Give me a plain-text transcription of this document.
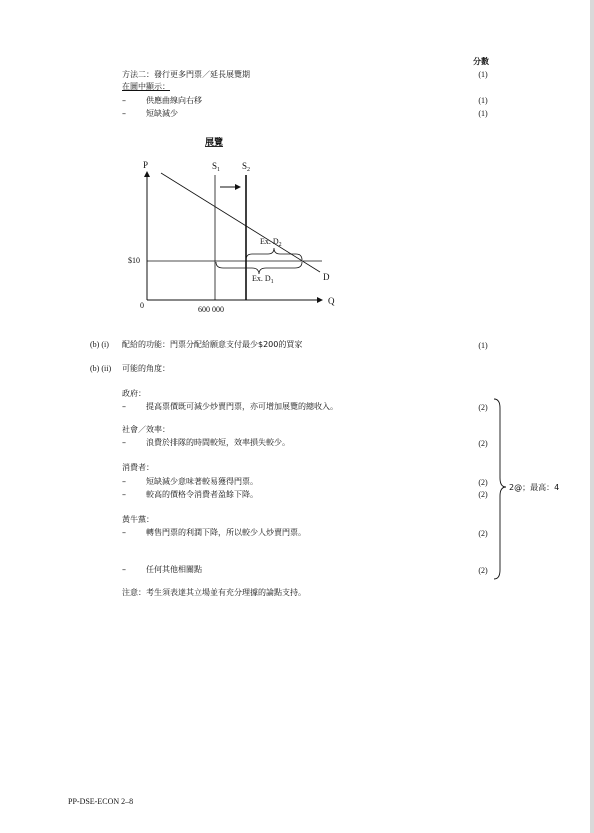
分數
方法二：發行更多門票／延長展覽期	(1)
在圖中顯示：
–	供應曲線向右移	(1)
–	短缺減少	(1)
展覽
P
Q
0
$S_1$ $S_2$
D
$10
600 000
Ex. $D_2$
Ex. $D_1$
(b) (i) 配給的功能：門票分配給願意支付最少$200的買家	(1)
(b) (ii) 可能的角度：
政府：
–	提高票價既可減少炒賣門票，亦可增加展覽的總收入。	(2)
社會／效率：
–	浪費於排隊的時間較短，效率損失較少。	(2)
消費者：
–	短缺減少意味著較易獲得門票。	(2)
–	較高的價格令消費者盈餘下降。	(2)
黃牛黨：
–	轉售門票的利潤下降，所以較少人炒賣門票。	(2)
–	任何其他相關點	(2)
2@；最高：4
注意：考生須表達其立場並有充分理據的論點支持。
PP-DSE-ECON 2–8
